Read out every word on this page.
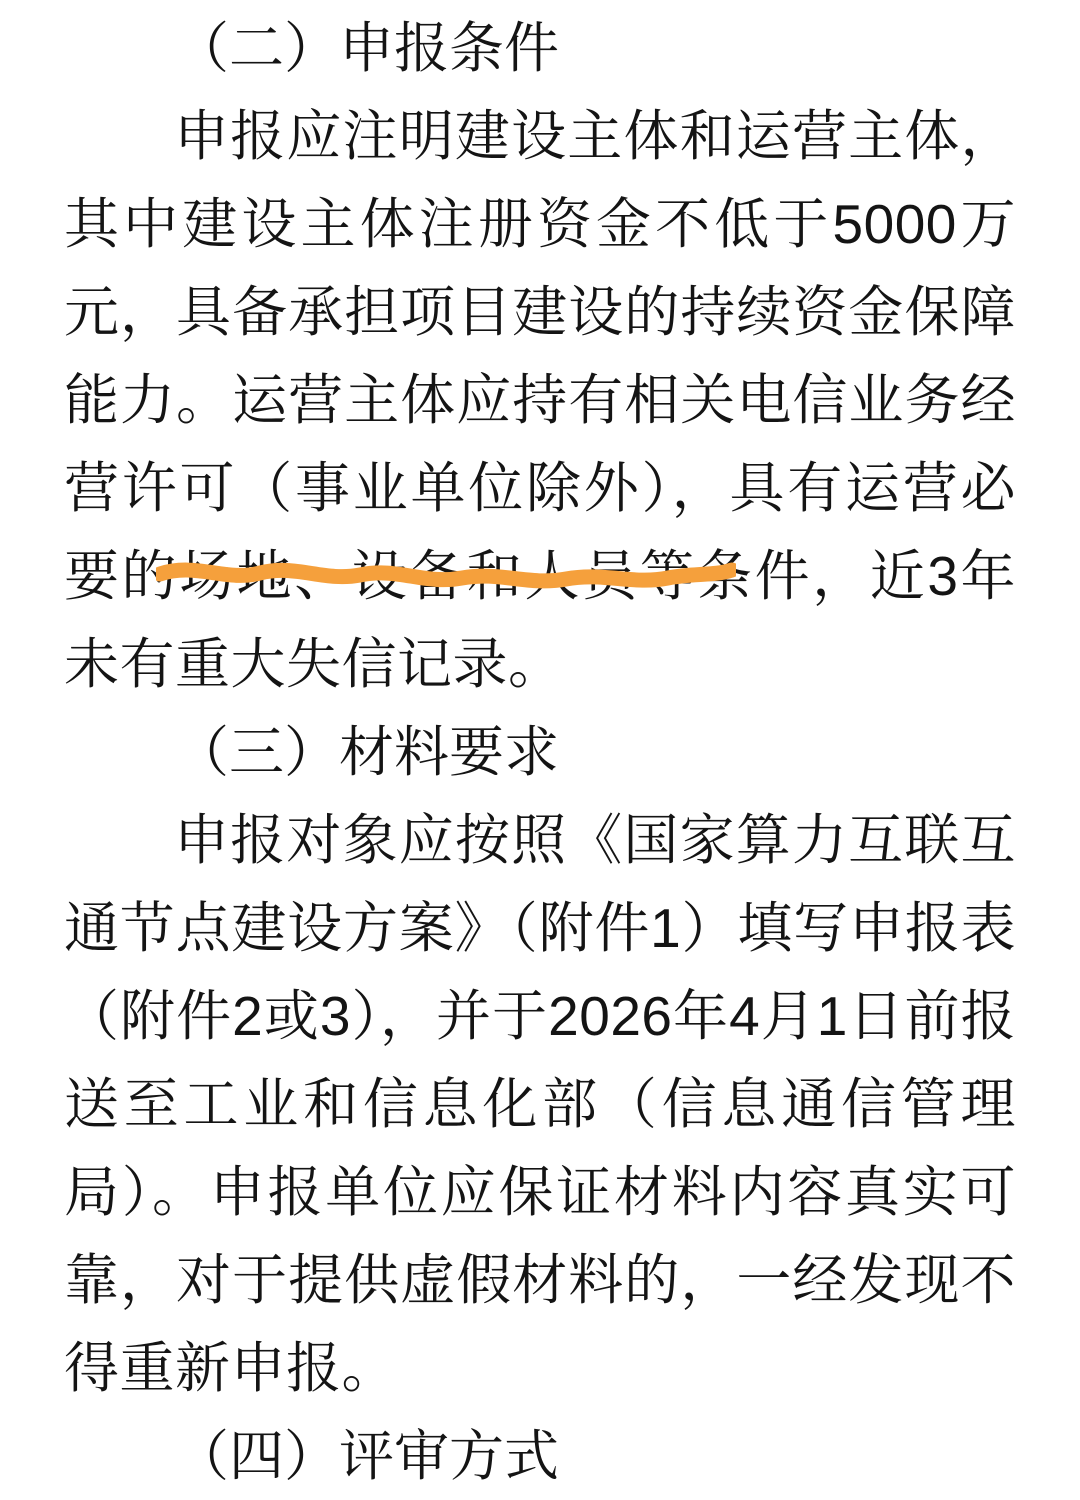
（二）申报条件

申报应注明建设主体和运营主体，其中建设主体注册资金不低于5000万元，具备承担项目建设的持续资金保障能力。运营主体应持有相关电信业务经营许可（事业单位除外），具有运营必要的场地、设备和人员等条件，近3年未有重大失信记录。

（三）材料要求

申报对象应按照《国家算力互联互通节点建设方案》（附件1）填写申报表（附件2或3），并于2026年4月1日前报送至工业和信息化部（信息通信管理局）。申报单位应保证材料内容真实可靠，对于提供虚假材料的，一经发现不得重新申报。

（四）评审方式
